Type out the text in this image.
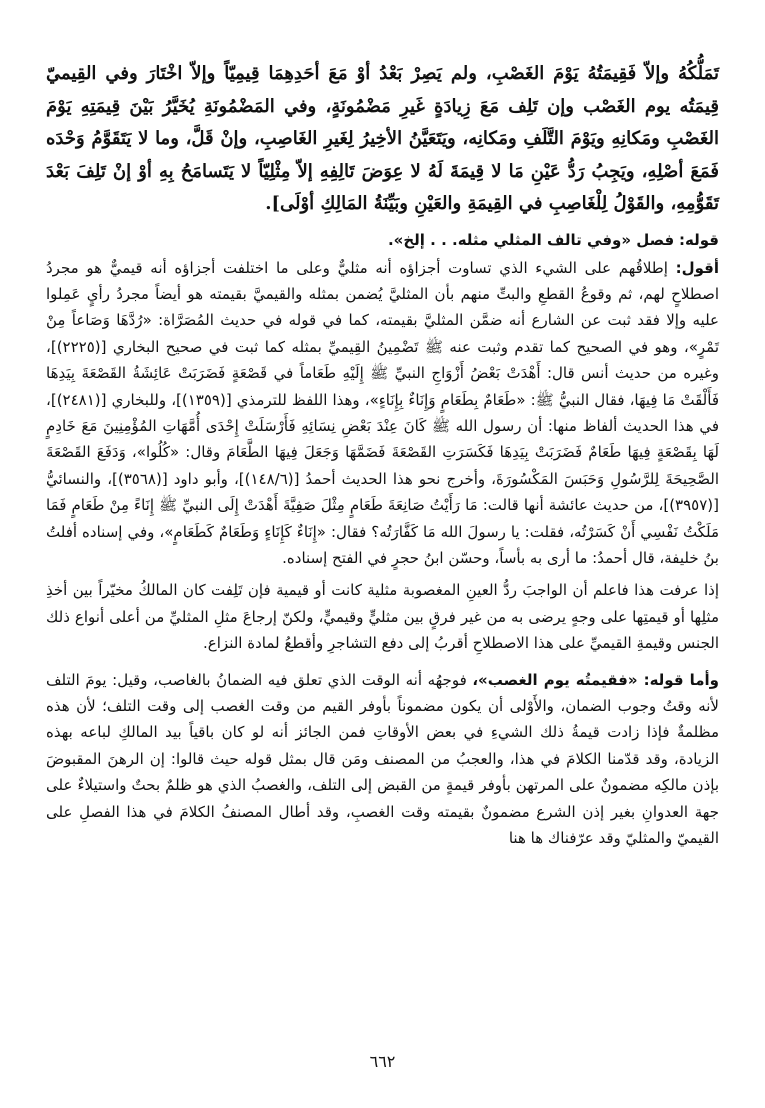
تَمَلُّكُهُ وإلاّ فَقِيمَتُهُ يَوْمَ الغَصْبِ، ولم يَصِرْ بَعْدُ أوْ مَعَ أحَدِهِمَا قِيمِيّاً وإلاّ اخْتَارَ وفي القِيميّ قِيمَتُه يوم الغَصْب وإن تَلِف مَعَ زِيادَةٍ غَيرِ مَضْمُونَةٍ، وفي المَضْمُونَةِ يُخَيَّرُ بَيْنَ قِيمَتِهِ يَوْمَ الغَصْبِ ومَكانِهِ ويَوْمَ التَّلَفِ ومَكانِه، ويَتَعَيَّنُ الأخِيرُ لِغَيرِ الغَاصِبِ، وإنْ قَلَّ، وما لا يَتَقَوَّمُ وَحْدَه فَمَعَ أصْلِهِ، ويَجِبُ رَدُّ عَيْنِ مَا لا قِيمَةَ لَهُ لا عِوَضَ تَالِفِهِ إلاّ مِثْلِيّاً لا يَتَسامَحُ بِهِ أوْ إنْ تَلِفَ بَعْدَ تَقَوُّمِهِ، والقَوْلُ لِلْغَاصِبِ في القِيمَةِ والعَيْنِ وبَيِّنَةُ المَالِكِ أوْلَى].

قوله: فصل «وفي تالف المثلي مثله. . . إلخ».

أقول: إطلاقُهم على الشيء الذي تساوت أجزاؤه أنه مثليٌّ وعلى ما اختلفت أجزاؤه أنه قيميٌّ هو مجردُ اصطلاحٍ لهم، ثم وقوعُ القطعِ والبتِّ منهم بأن المثليَّ يُضمن بمثله والقيميَّ بقيمته هو أيضاً مجردُ رأيٍ عَمِلوا عليه وإلا فقد ثبت عن الشارع أنه ضمَّن المثليَّ بقيمته، كما في قوله في حديث المُصَرَّاة: «رُدَّهَا وَصَاعاً مِنْ تَمْرٍ»، وهو في الصحيح كما تقدم وثبت عنه ﷺ تَضْمِينُ القِيميِّ بمثله كما ثبت في صحيح البخاري [(٢٢٢٥)]، وغيره من حديث أنس قال: أَهْدَتْ بَعْضُ أَزْوَاجِ النبيِّ ﷺ إِلَيْهِ طَعَاماً في قَصْعَةٍ فَضَرَبَتْ عَائِشَةُ القَصْعَةَ بِيَدِهَا فَأَلْقَتْ مَا فِيهَا، فقال النبيُّ ﷺ: «طَعَامٌ بِطَعَامٍ وَإِنَاءٌ بِإِنَاءٍ»، وهذا اللفظ للترمذي [(١٣٥٩)]، وللبخاري [(٢٤٨١)]، في هذا الحديث ألفاظ منها: أن رسول الله ﷺ كَانَ عِنْدَ بَعْضِ نِسَائِهِ فَأَرْسَلَتْ إِحْدَى أُمَّهَاتِ المُؤْمِنِينَ مَعَ خَادِمٍ لَهَا بِقَصْعَةٍ فِيهَا طَعَامٌ فَضَرَبَتْ بِيَدِهَا فَكَسَرَتِ القَصْعَةَ فَضَمَّهَا وَجَعَلَ فِيهَا الطَّعَامَ وقال: «كُلُوا»، وَدَفَعَ القَصْعَةَ الصَّحِيحَةَ لِلرَّسُولِ وَحَبَسَ المَكْسُورَةَ، وأخرج نحو هذا الحديث أحمدُ [(١٤٨/٦)]، وأبو داود [(٣٥٦٨)]، والنسائيُّ [(٣٩٥٧)]، من حديث عائشة أنها قالت: مَا رَأَيْتُ صَانِعَةَ طَعَامٍ مِثْلَ صَفِيَّةَ أَهْدَتْ إِلَى النبيِّ ﷺ إِنَاءً مِنْ طَعَامٍ فَمَا مَلَكْتُ نَفْسِي أَنْ كَسَرْتُه، فقلت: يا رسولَ الله مَا كَفَّارَتُه؟ فقال: «إِنَاءٌ كَإِنَاءٍ وَطَعَامٌ كَطَعَامٍ»، وفي إسناده أفلتُ بنُ خليفة، قال أحمدُ: ما أرى به بأساً، وحسّن ابنُ حجرٍ في الفتح إسناده.

إذا عرفت هذا فاعلم أن الواجبَ ردُّ العينِ المغصوبة مثلية كانت أو قيمية فإن تَلِفت كان المالكُ مخيّراً بين أخذِ مثلِها أو قيمتِها على وجهٍ يرضى به من غير فرقٍ بين مثليٍّ وقيميٍّ، ولكنّ إرجاعَ مثلِ المثليِّ من أعلى أنواع ذلك الجنس وقيمةِ القيميِّ على هذا الاصطلاحِ أقربُ إلى دفع التشاجرِ وأقطعُ لمادة النزاع.

وأما قوله: «فقيمتُه يوم الغصب»، فوجهُه أنه الوقت الذي تعلق فيه الضمانُ بالغاصب، وقيل: يومَ التلف لأنه وقتُ وجوب الضمان، والأَوْلى أن يكون مضموناً بأوفر القيم من وقت الغصب إلى وقت التلف؛ لأن هذه مظلمةٌ فإذا زادت قيمةُ ذلك الشيءِ في بعض الأوقاتِ فمن الجائز أنه لو كان باقياً بيد المالكِ لباعه بهذه الزيادة، وقد قدّمنا الكلامَ في هذا، والعجبُ من المصنف ومَن قال بمثل قوله حيث قالوا: إن الرهنَ المقبوضَ بإذن مالكِه مضمونٌ على المرتهن بأوفر قيمةٍ من القبض إلى التلف، والغصبُ الذي هو ظلمٌ بحتٌ واستيلاءٌ على جهة العدوانِ بغير إذن الشرع مضمونٌ بقيمته وقت الغصبِ، وقد أطال المصنفُ الكلامَ في هذا الفصلِ على القيميّ والمثليّ وقد عرّفناك ها هنا

٦٦٢
